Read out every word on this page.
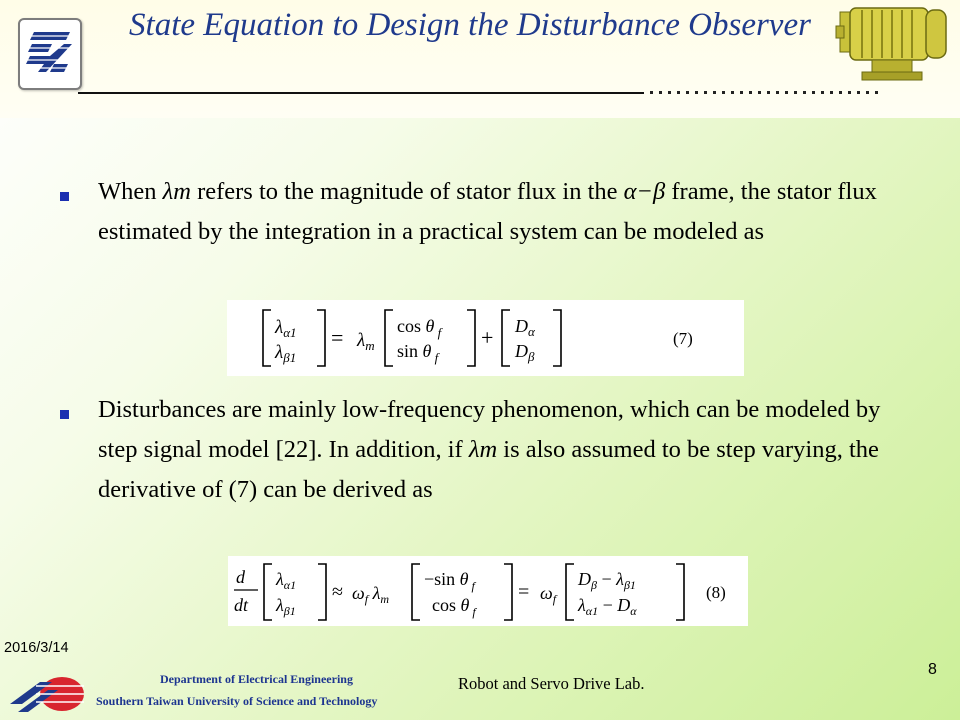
State Equation to Design the Disturbance Observer
When λm refers to the magnitude of stator flux in the α−β frame, the stator flux estimated by the integration in a practical system can be modeled as
Disturbances are mainly low-frequency phenomenon, which can be modeled by step signal model [22]. In addition, if λm is also assumed to be step varying, the derivative of (7) can be derived as
λα1
λβ1
= λm
cos θ f
sin θ f
+ Dα
Dβ
(7)
d
dt
λα1
λβ1
≈ ωf λm
−sin θ f
cos θ f
= ωf
Dβ − λβ1
λα1 − Dα
(8)
2016/3/14
8
Department of Electrical Engineering
Southern Taiwan University of Science and Technology
Robot and Servo Drive Lab.
